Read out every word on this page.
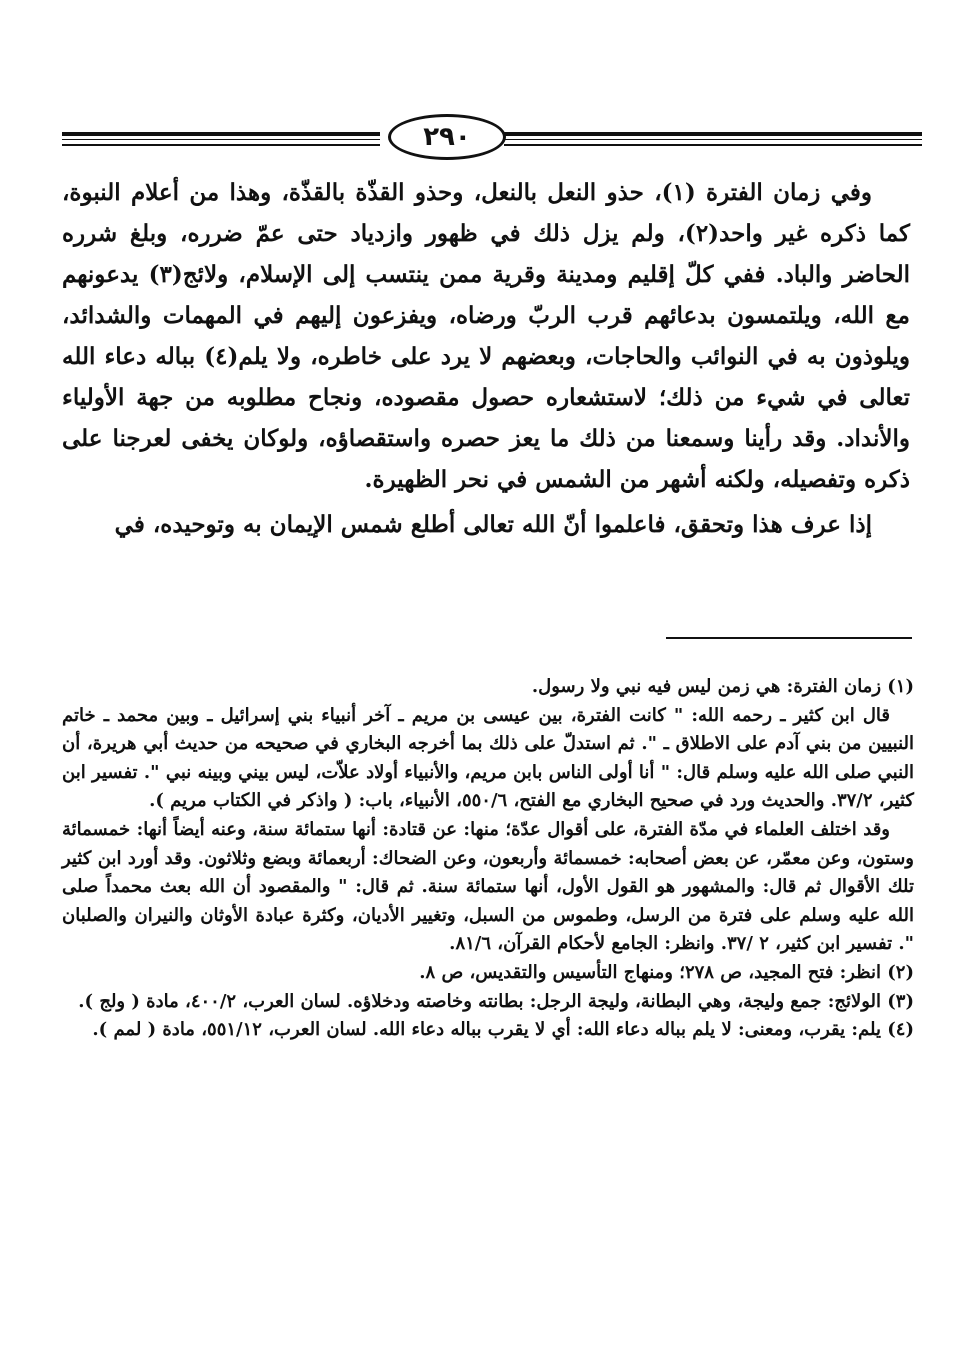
٢٩٠

وفي زمان الفترة (١)، حذو النعل بالنعل، وحذو القذّة بالقذّة، وهذا من أعلام النبوة، كما ذكره غير واحد(٢)، ولم يزل ذلك في ظهور وازدياد حتى عمّ ضرره، وبلغ شرره الحاضر والباد. ففي كلّ إقليم ومدينة وقرية ممن ينتسب إلى الإسلام، ولائج(٣) يدعونهم مع الله، ويلتمسون بدعائهم قرب الربّ ورضاه، ويفزعون إليهم في المهمات والشدائد، ويلوذون به في النوائب والحاجات، وبعضهم لا يرد على خاطره، ولا يلم(٤) بباله دعاء الله تعالى في شيء من ذلك؛ لاستشعاره حصول مقصوده، ونجاح مطلوبه من جهة الأولياء والأنداد. وقد رأينا وسمعنا من ذلك ما يعز حصره واستقصاؤه، ولوكان يخفى لعرجنا على ذكره وتفصيله، ولكنه أشهر من الشمس في نحر الظهيرة.

إذا عرف هذا وتحقق، فاعلموا أنّ الله تعالى أطلع شمس الإيمان به وتوحيده، في

(١) زمان الفترة: هي زمن ليس فيه نبي ولا رسول.

قال ابن كثير ـ رحمه الله: " كانت الفترة، بين عيسى بن مريم ـ آخر أنبياء بني إسرائيل ـ وبين محمد ـ خاتم النبيين من بني آدم على الاطلاق ـ ". ثم استدلّ على ذلك بما أخرجه البخاري في صحيحه من حديث أبي هريرة، أن النبي صلى الله عليه وسلم قال: " أنا أولى الناس بابن مريم، والأنبياء أولاد علاّت، ليس بيني وبينه نبي ". تفسير ابن كثير، ٣٧/٢. والحديث ورد في صحيح البخاري مع الفتح، ٥٥٠/٦، الأنبياء، باب: ( واذكر في الكتاب مريم ).

وقد اختلف العلماء في مدّة الفترة، على أقوال عدّة؛ منها: عن قتادة: أنها ستمائة سنة، وعنه أيضاً أنها: خمسمائة وستون، وعن معمّر، عن بعض أصحابه: خمسمائة وأربعون، وعن الضحاك: أربعمائة وبضع وثلاثون. وقد أورد ابن كثير تلك الأقوال ثم قال: والمشهور هو القول الأول، أنها ستمائة سنة. ثم قال: " والمقصود أن الله بعث محمداً صلى الله عليه وسلم على فترة من الرسل، وطموس من السبل، وتغيير الأديان، وكثرة عبادة الأوثان والنيران والصلبان ". تفسير ابن كثير، ٢ /٣٧. وانظر: الجامع لأحكام القرآن، ٨١/٦.

(٢) انظر: فتح المجيد، ص ٢٧٨؛ ومنهاج التأسيس والتقديس، ص ٨.

(٣) الولائج: جمع وليجة، وهي البطانة، وليجة الرجل: بطانته وخاصته ودخلاؤه. لسان العرب، ٤٠٠/٢، مادة ( ولج ).

(٤) يلم: يقرب، ومعنى: لا يلم بباله دعاء الله: أي لا يقرب بباله دعاء الله. لسان العرب، ٥٥١/١٢، مادة ( لمم ).
